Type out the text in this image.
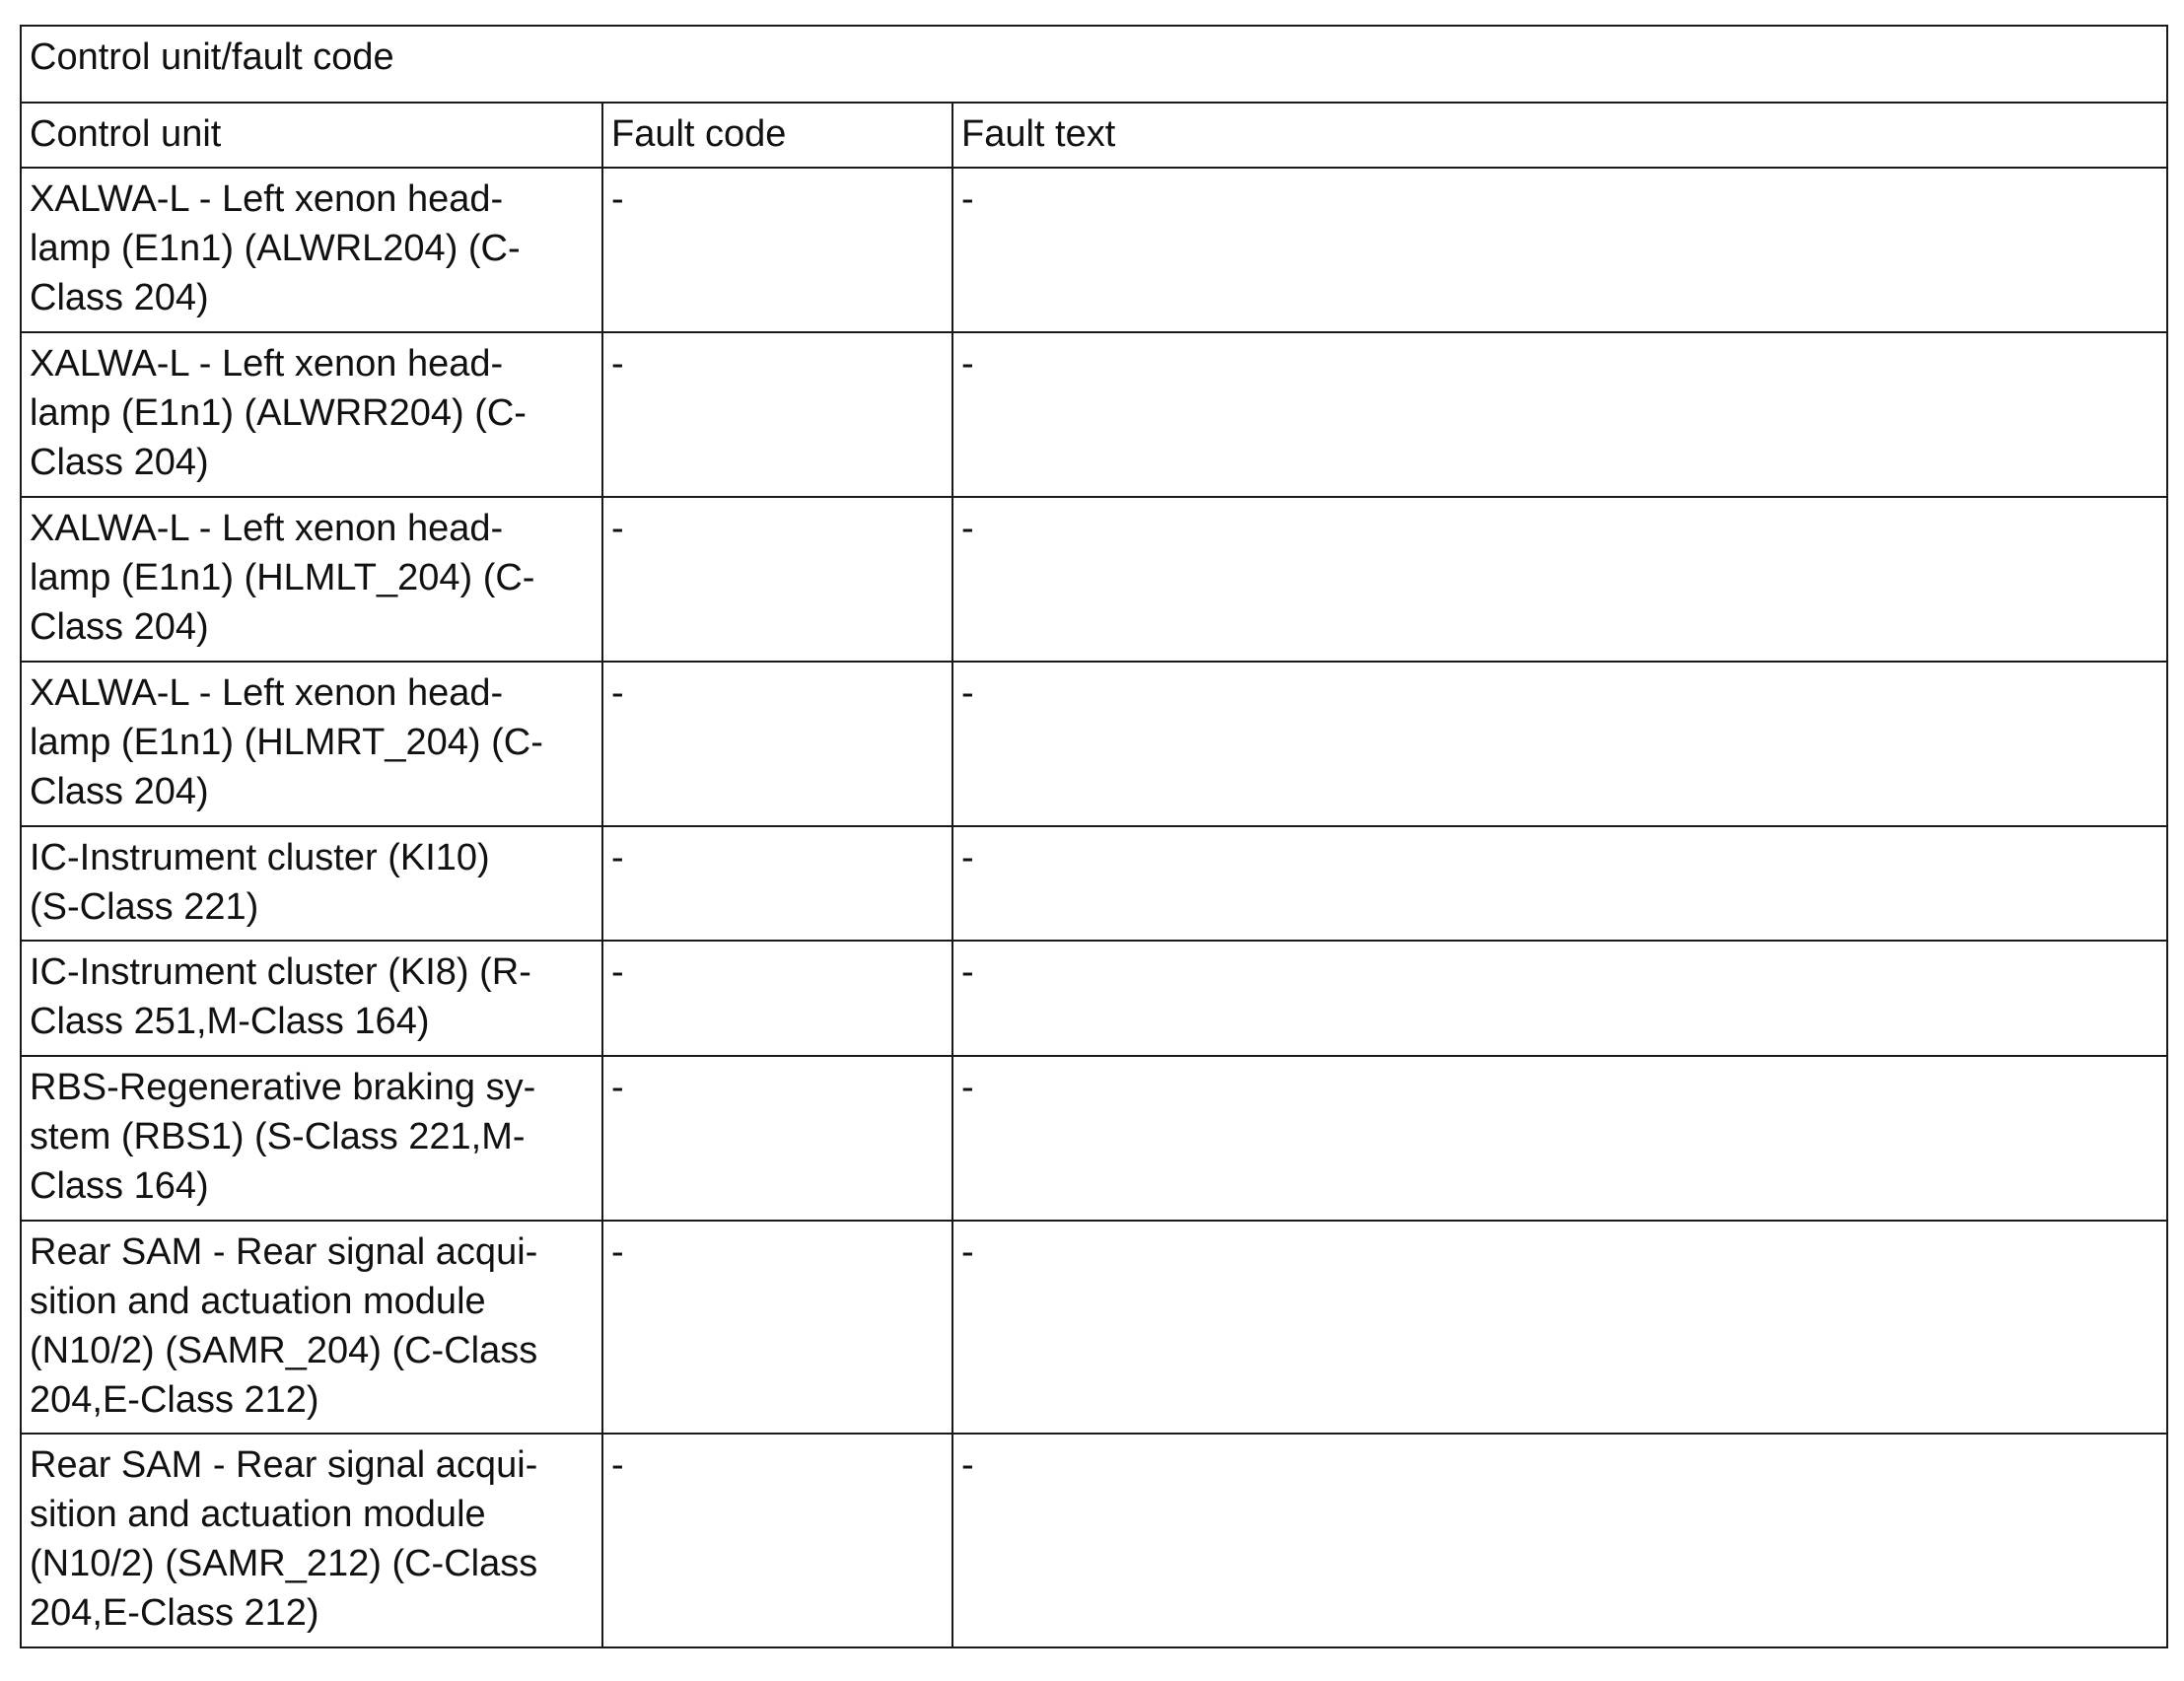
Control unit/fault code		
Control unit	Fault code	Fault text

XALWA-L - Left xenon head-
lamp (E1n1) (ALWRL204) (C-
Class 204)	-	-

XALWA-L - Left xenon head-
lamp (E1n1) (ALWRR204) (C-
Class 204)	-	-

XALWA-L - Left xenon head-
lamp (E1n1) (HLMLT_204) (C-
Class 204)	-	-

XALWA-L - Left xenon head-
lamp (E1n1) (HLMRT_204) (C-
Class 204)	-	-

IC-Instrument cluster (KI10)
(S-Class 221)	-	-

IC-Instrument cluster (KI8) (R-
Class 251,M-Class 164)	-	-

RBS-Regenerative braking sy-
stem (RBS1) (S-Class 221,M-
Class 164)	-	-

Rear SAM - Rear signal acqui-
sition and actuation module
(N10/2) (SAMR_204) (C-Class
204,E-Class 212)	-	-

Rear SAM - Rear signal acqui-
sition and actuation module
(N10/2) (SAMR_212) (C-Class
204,E-Class 212)	-	-
